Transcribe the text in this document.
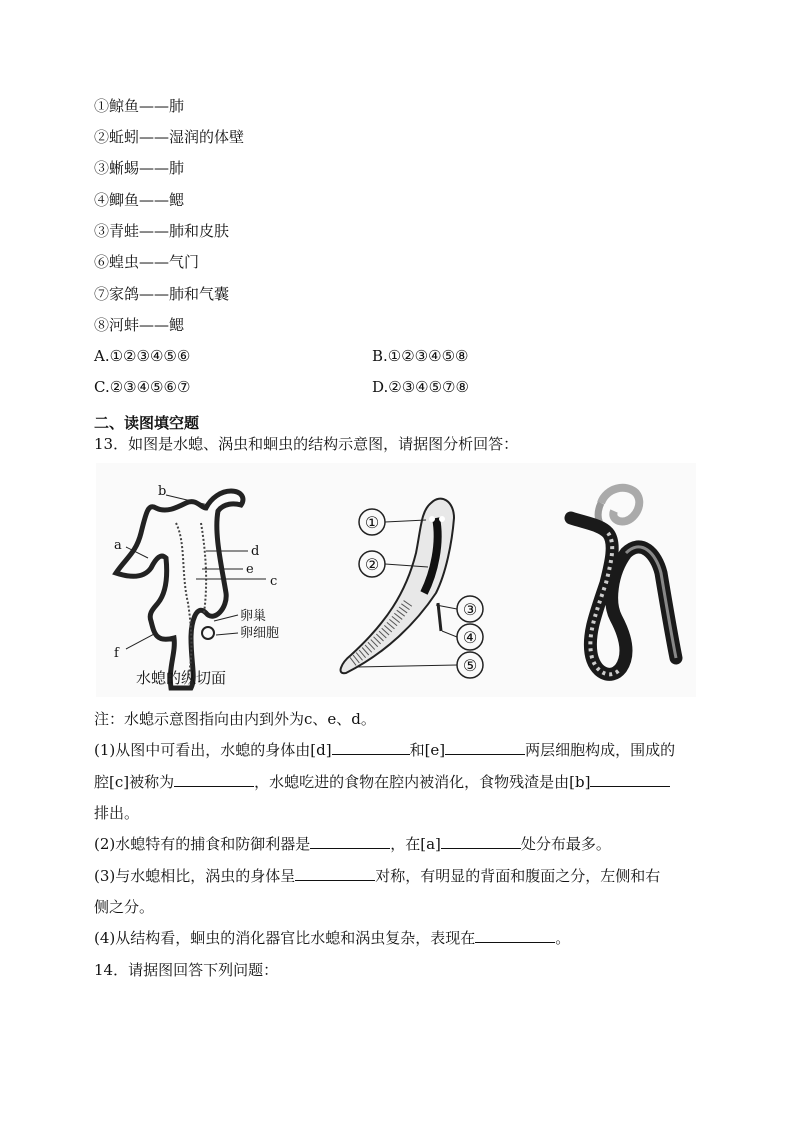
①鲸鱼——肺
②蚯蚓——湿润的体壁
③蜥蜴——肺
④鲫鱼——鳃
③青蛙——肺和皮肤
⑥蝗虫——气门
⑦家鸽——肺和气囊
⑧河蚌——鳃
A.①②③④⑤⑥	B.①②③④⑤⑧
C.②③④⑤⑥⑦	D.②③④⑤⑦⑧
二、读图填空题
13．如图是水螅、涡虫和蛔虫的结构示意图，请据图分析回答：
b
a	d
e
c
卵巢
卵细胞
f
水螅的纵切面
①
②
③
④
⑤
注：水螅示意图指向由内到外为c、e、d。
(1)从图中可看出，水螅的身体由[d]	和[e]	两层细胞构成，围成的
腔[c]被称为	，水螅吃进的食物在腔内被消化，食物残渣是由[b]
排出。
(2)水螅特有的捕食和防御利器是	，在[a]	处分布最多。
(3)与水螅相比，涡虫的身体呈	对称，有明显的背面和腹面之分，左侧和右
侧之分。
(4)从结构看，蛔虫的消化器官比水螅和涡虫复杂，表现在	。
14．请据图回答下列问题：
